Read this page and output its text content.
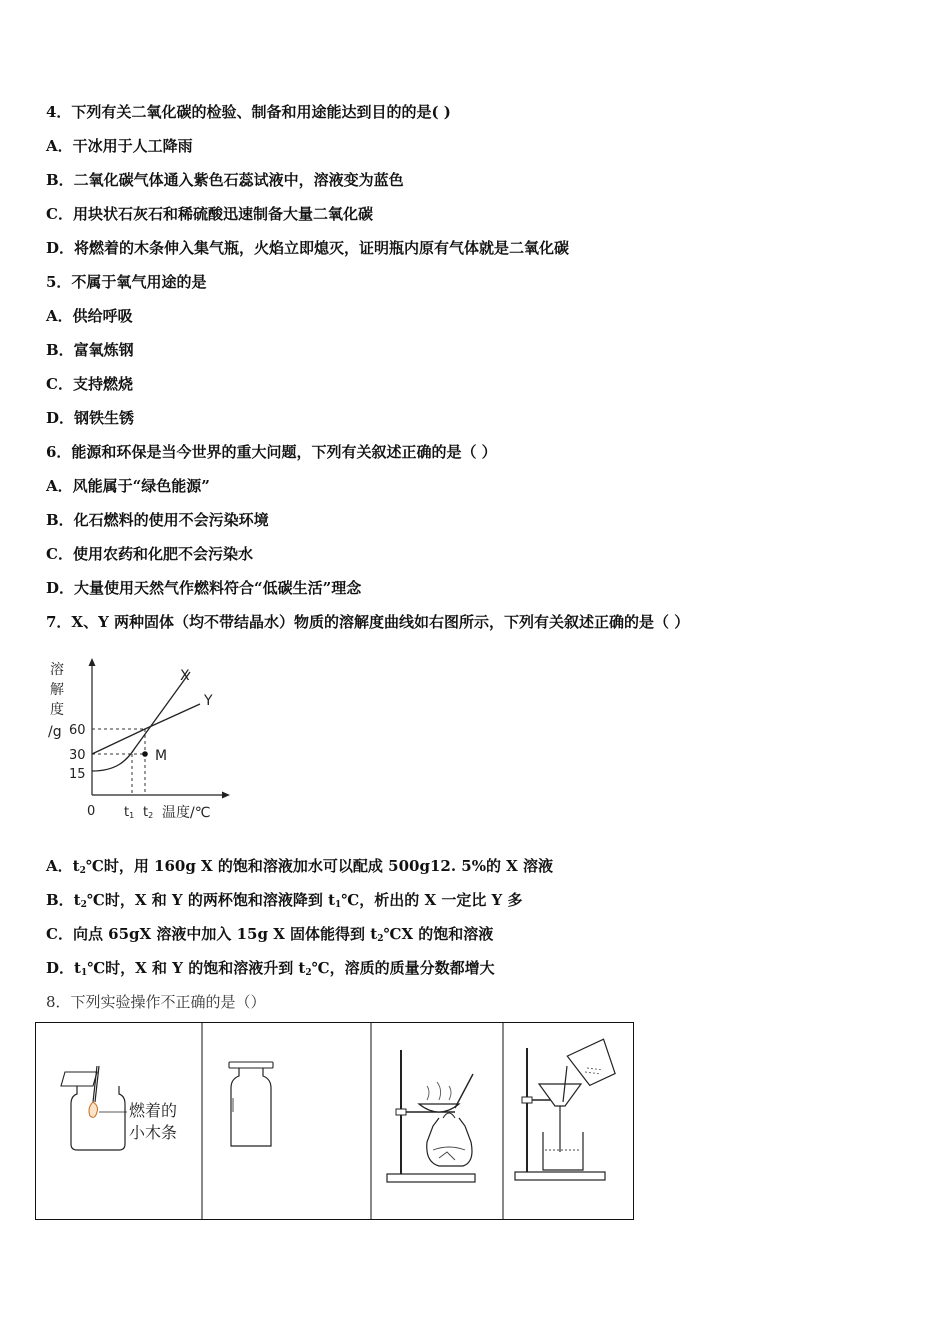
4．下列有关二氧化碳的检验、制备和用途能达到目的的是( )
A．干冰用于人工降雨
B．二氧化碳气体通入紫色石蕊试液中，溶液变为蓝色
C．用块状石灰石和稀硫酸迅速制备大量二氧化碳
D．将燃着的木条伸入集气瓶，火焰立即熄灭，证明瓶内原有气体就是二氧化碳
5．不属于氧气用途的是
A．供给呼吸
B．富氧炼钢
C．支持燃烧
D．钢铁生锈
6．能源和环保是当今世界的重大问题，下列有关叙述正确的是（ ）
A．风能属于“绿色能源”
B．化石燃料的使用不会污染环境
C．使用农药和化肥不会污染水
D．大量使用天然气作燃料符合“低碳生活”理念
7．X、Y 两种固体（均不带结晶水）物质的溶解度曲线如右图所示，下列有关叙述正确的是（ ）
溶
解
度
/g 60
30
15
X
Y
M
0 t1 t2 温度/℃
A．$t_2℃$时，用 160g X 的饱和溶液加水可以配成 500g12. 5%的 X 溶液
B．$t_2℃$时，X 和 Y 的两杯饱和溶液降到 $t_1℃$，析出的 X 一定比 Y 多
C．向点 65gX 溶液中加入 15g X 固体能得到 $t_2℃X$ 的饱和溶液
D．$t_1℃$时，X 和 Y 的饱和溶液升到 $t_2℃$，溶质的质量分数都增大
8．下列实验操作不正确的是（）
燃着的
小木条
